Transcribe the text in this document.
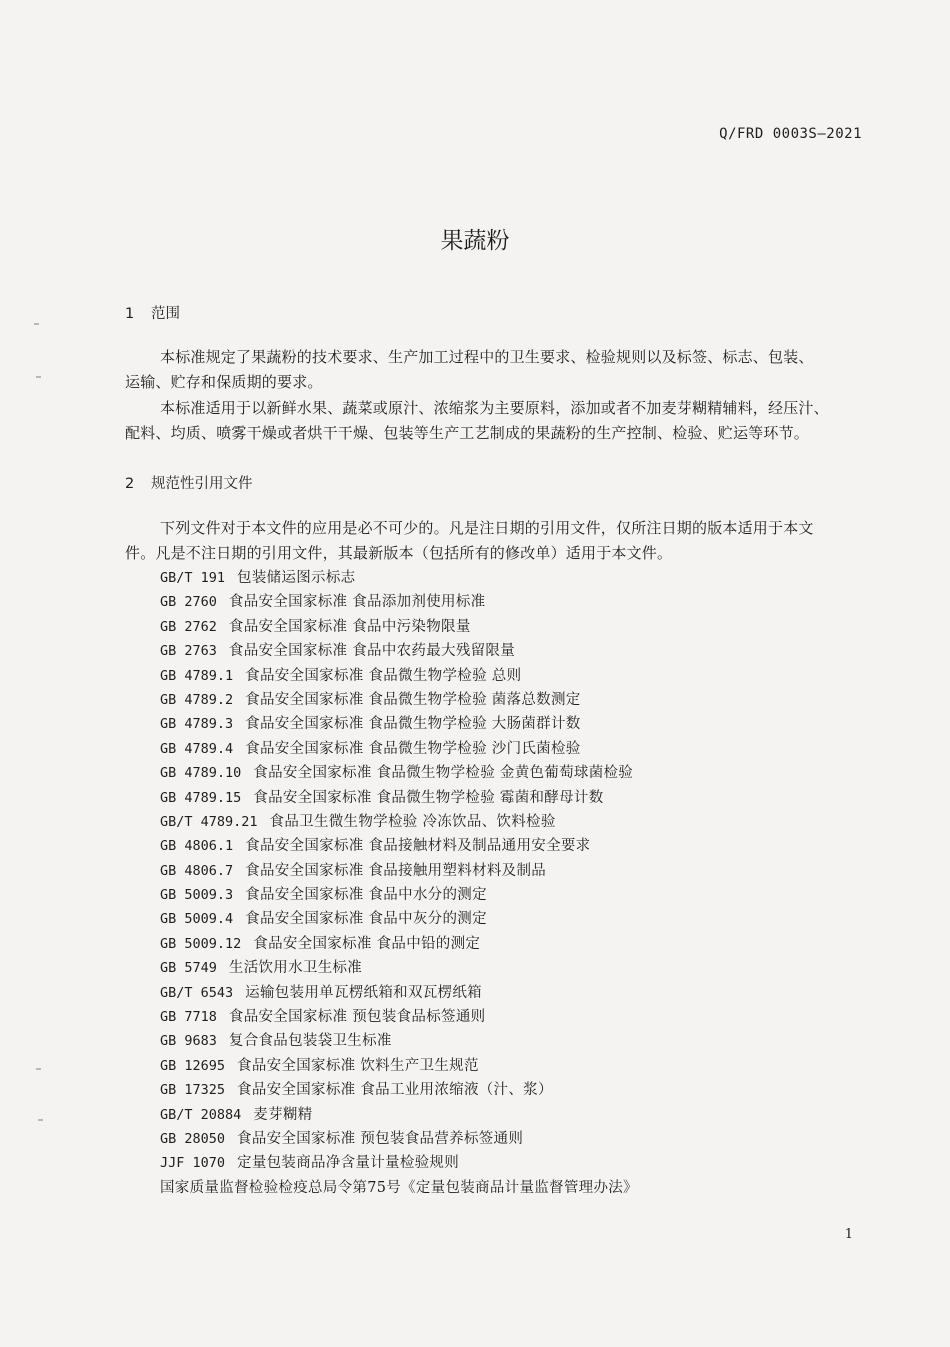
Q/FRD 0003S—2021
果蔬粉
1 范围
本标准规定了果蔬粉的技术要求、生产加工过程中的卫生要求、检验规则以及标签、标志、包装、
运输、贮存和保质期的要求。
本标准适用于以新鲜水果、蔬菜或原汁、浓缩浆为主要原料，添加或者不加麦芽糊精辅料，经压汁、
配料、均质、喷雾干燥或者烘干干燥、包装等生产工艺制成的果蔬粉的生产控制、检验、贮运等环节。
2 规范性引用文件
下列文件对于本文件的应用是必不可少的。凡是注日期的引用文件，仅所注日期的版本适用于本文
件。凡是不注日期的引用文件，其最新版本（包括所有的修改单）适用于本文件。
GB/T 191 包装储运图示标志
GB 2760 食品安全国家标准 食品添加剂使用标准
GB 2762 食品安全国家标准 食品中污染物限量
GB 2763 食品安全国家标准 食品中农药最大残留限量
GB 4789.1 食品安全国家标准 食品微生物学检验 总则
GB 4789.2 食品安全国家标准 食品微生物学检验 菌落总数测定
GB 4789.3 食品安全国家标准 食品微生物学检验 大肠菌群计数
GB 4789.4 食品安全国家标准 食品微生物学检验 沙门氏菌检验
GB 4789.10 食品安全国家标准 食品微生物学检验 金黄色葡萄球菌检验
GB 4789.15 食品安全国家标准 食品微生物学检验 霉菌和酵母计数
GB/T 4789.21 食品卫生微生物学检验 冷冻饮品、饮料检验
GB 4806.1 食品安全国家标准 食品接触材料及制品通用安全要求
GB 4806.7 食品安全国家标准 食品接触用塑料材料及制品
GB 5009.3 食品安全国家标准 食品中水分的测定
GB 5009.4 食品安全国家标准 食品中灰分的测定
GB 5009.12 食品安全国家标准 食品中铅的测定
GB 5749 生活饮用水卫生标准
GB/T 6543 运输包装用单瓦楞纸箱和双瓦楞纸箱
GB 7718 食品安全国家标准 预包装食品标签通则
GB 9683 复合食品包装袋卫生标准
GB 12695 食品安全国家标准 饮料生产卫生规范
GB 17325 食品安全国家标准 食品工业用浓缩液（汁、浆）
GB/T 20884 麦芽糊精
GB 28050 食品安全国家标准 预包装食品营养标签通则
JJF 1070 定量包装商品净含量计量检验规则
国家质量监督检验检疫总局令第75号《定量包装商品计量监督管理办法》
1
